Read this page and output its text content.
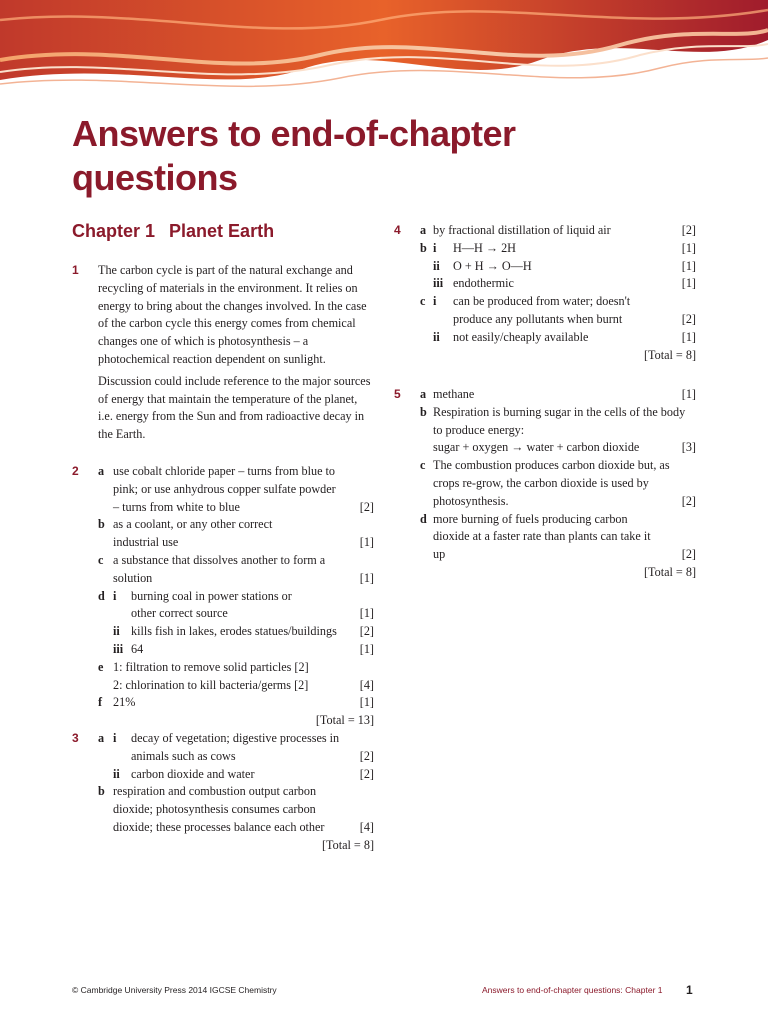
Answers to end-of-chapter
questions
Chapter 1 Planet Earth
1 The carbon cycle is part of the natural exchange and recycling of materials in the environment. It relies on energy to bring about the changes involved. In the case of the carbon cycle this energy comes from chemical changes one of which is photosynthesis – a photochemical reaction dependent on sunlight.

Discussion could include reference to the major sources of energy that maintain the temperature of the planet, i.e. energy from the Sun and from radioactive decay in the Earth.

2 a use cobalt chloride paper – turns from blue to pink; or use anhydrous copper sulfate powder – turns from white to blue	[2]
b as a coolant, or any other correct industrial use	[1]
c a substance that dissolves another to form a solution	[1]
d i burning coal in power stations or other correct source	[1]
ii kills fish in lakes, erodes statues/buildings	[2]
iii 64	[1]
e 1: filtration to remove solid particles [2]
2: chlorination to kill bacteria/germs [2]	[4]
f 21%	[1]
[Total = 13]
3 a i decay of vegetation; digestive processes in animals such as cows	[2]
ii carbon dioxide and water	[2]
b respiration and combustion output carbon dioxide; photosynthesis consumes carbon dioxide; these processes balance each other	[4]
[Total = 8]
4 a by fractional distillation of liquid air	[2]
b i H—H → 2H	[1]
ii O + H → O—H	[1]
iii endothermic	[1]
c i can be produced from water; doesn't produce any pollutants when burnt	[2]
ii not easily/cheaply available	[1]
[Total = 8]
5 a methane	[1]
b Respiration is burning sugar in the cells of the body to produce energy:
sugar + oxygen → water + carbon dioxide	[3]
c The combustion produces carbon dioxide but, as crops re-grow, the carbon dioxide is used by photosynthesis.	[2]
d more burning of fuels producing carbon dioxide at a faster rate than plants can take it up	[2]
[Total = 8]
© Cambridge University Press 2014 IGCSE Chemistry	Answers to end-of-chapter questions: Chapter 1 1
